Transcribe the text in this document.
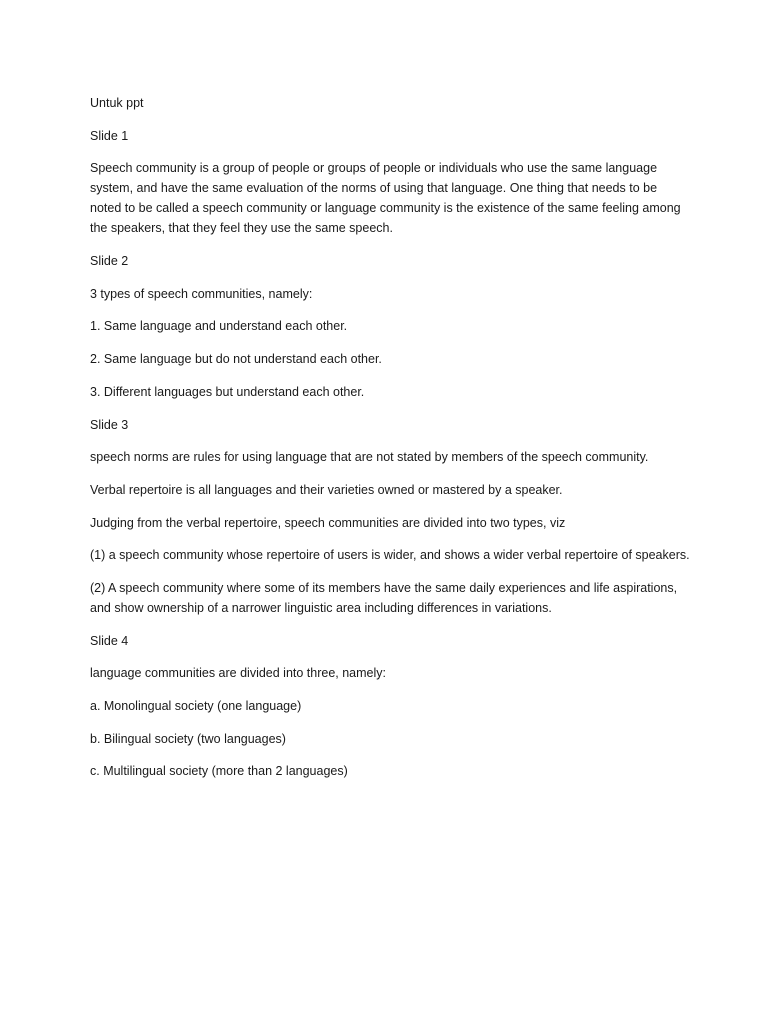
Untuk ppt

Slide 1

Speech community is a group of people or groups of people or individuals who use the same language system, and have the same evaluation of the norms of using that language. One thing that needs to be noted to be called a speech community or language community is the existence of the same feeling among the speakers, that they feel they use the same speech.

Slide 2

3 types of speech communities, namely:

1. Same language and understand each other.

2. Same language but do not understand each other.

3. Different languages but understand each other.

Slide 3

speech norms are rules for using language that are not stated by members of the speech community.

Verbal repertoire is all languages and their varieties owned or mastered by a speaker.

Judging from the verbal repertoire, speech communities are divided into two types, viz

(1) a speech community whose repertoire of users is wider, and shows a wider verbal repertoire of speakers.

(2) A speech community where some of its members have the same daily experiences and life aspirations, and show ownership of a narrower linguistic area including differences in variations.

Slide 4

language communities are divided into three, namely:

a. Monolingual society (one language)

b. Bilingual society (two languages)

c. Multilingual society (more than 2 languages)
